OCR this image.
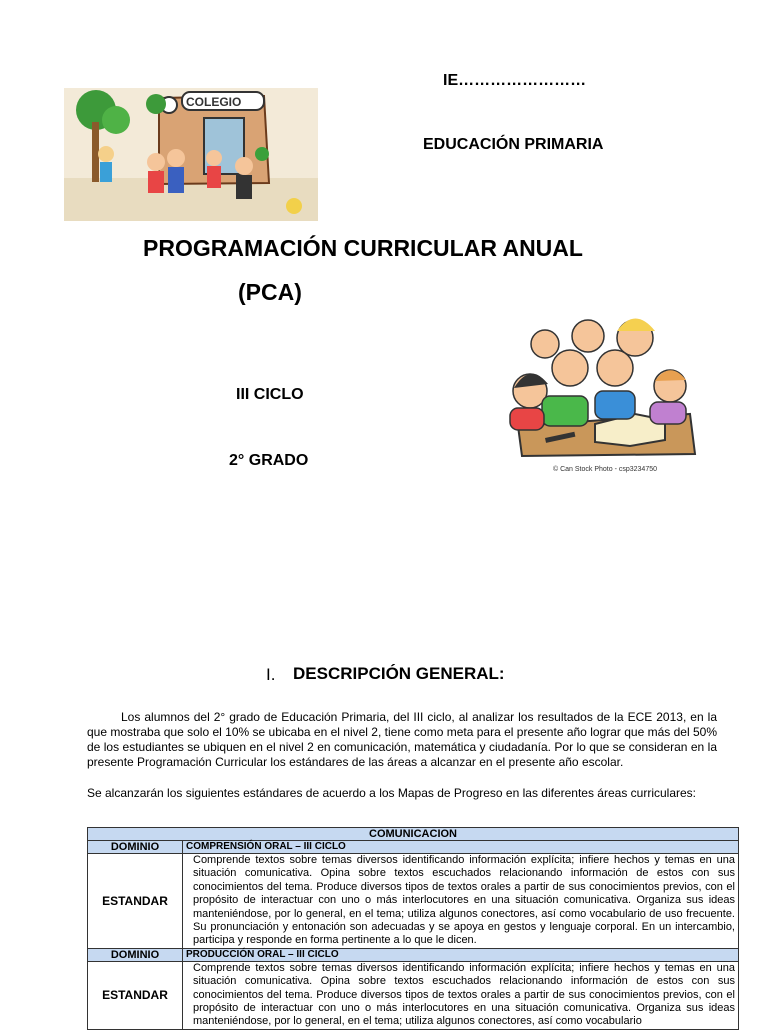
IE……………………
EDUCACIÓN PRIMARIA
COLEGIO
PROGRAMACIÓN CURRICULAR ANUAL
(PCA)
© Can Stock Photo - csp3234750
III CICLO
2° GRADO
I. DESCRIPCIÓN GENERAL:

Los alumnos del 2° grado de Educación Primaria, del III ciclo, al analizar los resultados de la ECE 2013, en la que mostraba que solo el 10% se ubicaba en el nivel 2, tiene como meta para el presente año lograr que más del 50% de los estudiantes se ubiquen en el nivel 2 en comunicación, matemática y ciudadanía. Por lo que se consideran en la presente Programación Curricular los estándares de las áreas a alcanzar en el presente año escolar.

Se alcanzarán los siguientes estándares de acuerdo a los Mapas de Progreso en las diferentes áreas curriculares:
COMUNICACION	
DOMINIO	COMPRENSIÓN ORAL – III CICLO
ESTANDAR	Comprende textos sobre temas diversos identificando información explícita; infiere hechos y temas en una situación comunicativa. Opina sobre textos escuchados relacionando información de estos con sus conocimientos del tema. Produce diversos tipos de textos orales a partir de sus conocimientos previos, con el propósito de interactuar con uno o más interlocutores en una situación comunicativa. Organiza sus ideas manteniéndose, por lo general, en el tema; utiliza algunos conectores, así como vocabulario de uso frecuente. Su pronunciación y entonación son adecuadas y se apoya en gestos y lenguaje corporal. En un intercambio, participa y responde en forma pertinente a lo que le dicen.
DOMINIO	PRODUCCIÓN ORAL – III CICLO
ESTANDAR	Comprende textos sobre temas diversos identificando información explícita; infiere hechos y temas en una situación comunicativa. Opina sobre textos escuchados relacionando información de estos con sus conocimientos del tema. Produce diversos tipos de textos orales a partir de sus conocimientos previos, con el propósito de interactuar con uno o más interlocutores en una situación comunicativa. Organiza sus ideas manteniéndose, por lo general, en el tema; utiliza algunos conectores, así como vocabulario
